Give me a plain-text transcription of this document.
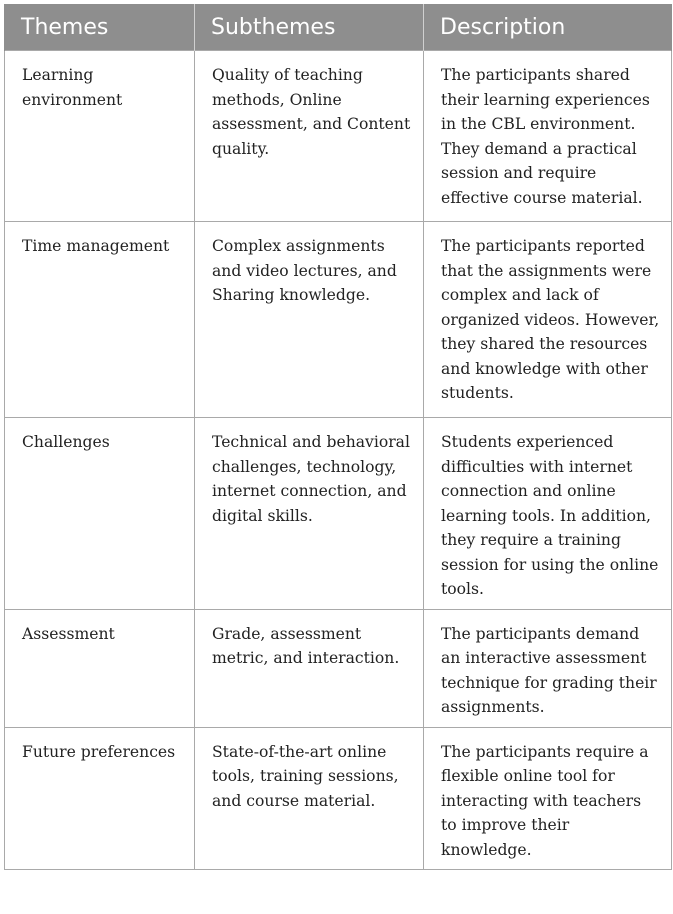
Themes	Subthemes	Description
Learning environment	Quality of teaching methods, Online assessment, and Content quality.	The participants shared their learning experiences in the CBL environment. They demand a practical session and require effective course material.
Time management	Complex assignments and video lectures, and Sharing knowledge.	The participants reported that the assignments were complex and lack of organized videos. However, they shared the resources and knowledge with other students.
Challenges	Technical and behavioral challenges, technology, internet connection, and digital skills.	Students experienced difficulties with internet connection and online learning tools. In addition, they require a training session for using the online tools.
Assessment	Grade, assessment metric, and interaction.	The participants demand an interactive assessment technique for grading their assignments.
Future preferences	State-of-the-art online tools, training sessions, and course material.	The participants require a flexible online tool for interacting with teachers to improve their knowledge.
